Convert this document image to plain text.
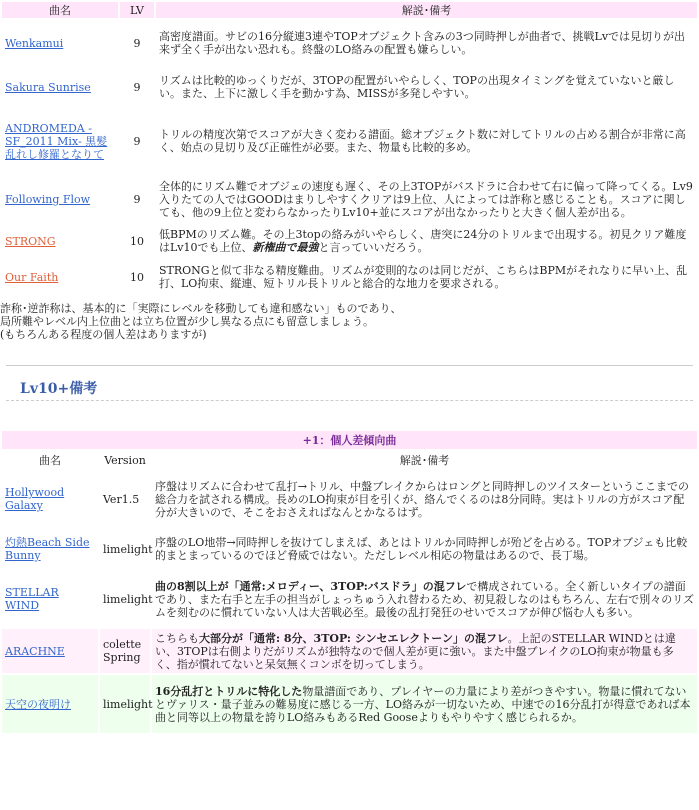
曲名	LV	解説･備考
Wenkamui	9	高密度譜面。サビの16分縦連3連やTOPオブジェクト含みの3つ同時押しが曲者で、挑戦Lvでは見切りが出来ず全く手が出ない恐れも。終盤のLO絡みの配置も嫌らしい。
Sakura Sunrise	9	リズムは比較的ゆっくりだが、3TOPの配置がいやらしく、TOPの出現タイミングを覚えていないと厳しい。また、上下に激しく手を動かす為、MISSが多発しやすい。
ANDROMEDA -SF_2011 Mix- 黒髪乱れし修羅となりて	9	トリルの精度次第でスコアが大きく変わる譜面。総オブジェクト数に対してトリルの占める割合が非常に高く、始点の見切り及び正確性が必要。また、物量も比較的多め。
Following Flow	9	全体的にリズム難でオブジェの速度も遅く、その上3TOPがバスドラに合わせて右に偏って降ってくる。Lv9入りたての人ではGOODはまりしやすくクリアは9上位、人によっては詐称と感じることも。スコアに関しても、他の9上位と変わらなかったりLv10+並にスコアが出なかったりと大きく個人差が出る。
STRONG	10	低BPMのリズム難。その上3topの絡みがいやらしく、唐突に24分のトリルまで出現する。初見クリア難度はLv10でも上位、新権曲で最強と言っていいだろう。
Our Faith	10	STRONGと似て非なる精度難曲。リズムが変則的なのは同じだが、こちらはBPMがそれなりに早い上、乱打、LO拘束、縦連、短トリル長トリルと総合的な地力を要求される。
詐称･逆詐称は、基本的に「実際にレベルを移動しても違和感ない」ものであり、
局所難やレベル内上位曲とは立ち位置が少し異なる点にも留意しましょう。
(もちろんある程度の個人差はありますが)
Lv10+備考
+1：個人差傾向曲		
曲名	Version	解説･備考
Hollywood Galaxy	Ver1.5	序盤はリズムに合わせて乱打→トリル、中盤ブレイクからはロングと同時押しのツイスターというここまでの総合力を試される構成。長めのLO拘束が目を引くが、絡んでくるのは8分同時。実はトリルの方がスコア配分が大きいので、そこをおさえればなんとかなるはず。
灼熱Beach Side Bunny	limelight	序盤のLO地帯→同時押しを抜けてしまえば、あとはトリルか同時押しが殆どを占める。TOPオブジェも比較的まとまっているのでほど脅威ではない。ただしレベル相応の物量はあるので、長丁場。
STELLAR WIND	limelight	曲の8割以上が「通常:メロディー、3TOP:バスドラ」の混フレで構成されている。全く新しいタイプの譜面であり、また右手と左手の担当がしょっちゅう入れ替わるため、初見殺しなのはもちろん、左右で別々のリズムを刻むのに慣れていない人は大苦戦必至。最後の乱打発狂のせいでスコアが伸び悩む人も多い。
ARACHNE	colette Spring	こちらも大部分が「通常: 8分、3TOP: シンセエレクトーン」の混フレ。上記のSTELLAR WINDとは違い、3TOPは右側よりだがリズムが独特なので個人差が更に強い。また中盤ブレイクのLO拘束が物量も多く、指が慣れてないと呆気無くコンボを切ってしまう。
天空の夜明け	limelight	16分乱打とトリルに特化した物量譜面であり、プレイヤーの力量により差がつきやすい。物量に慣れてないとヴァリス・量子並みの難易度に感じる一方、LO絡みが一切ないため、中速での16分乱打が得意であれば本曲と同等以上の物量を誇りLO絡みもあるRed Gooseよりもやりやすく感じられるか。
